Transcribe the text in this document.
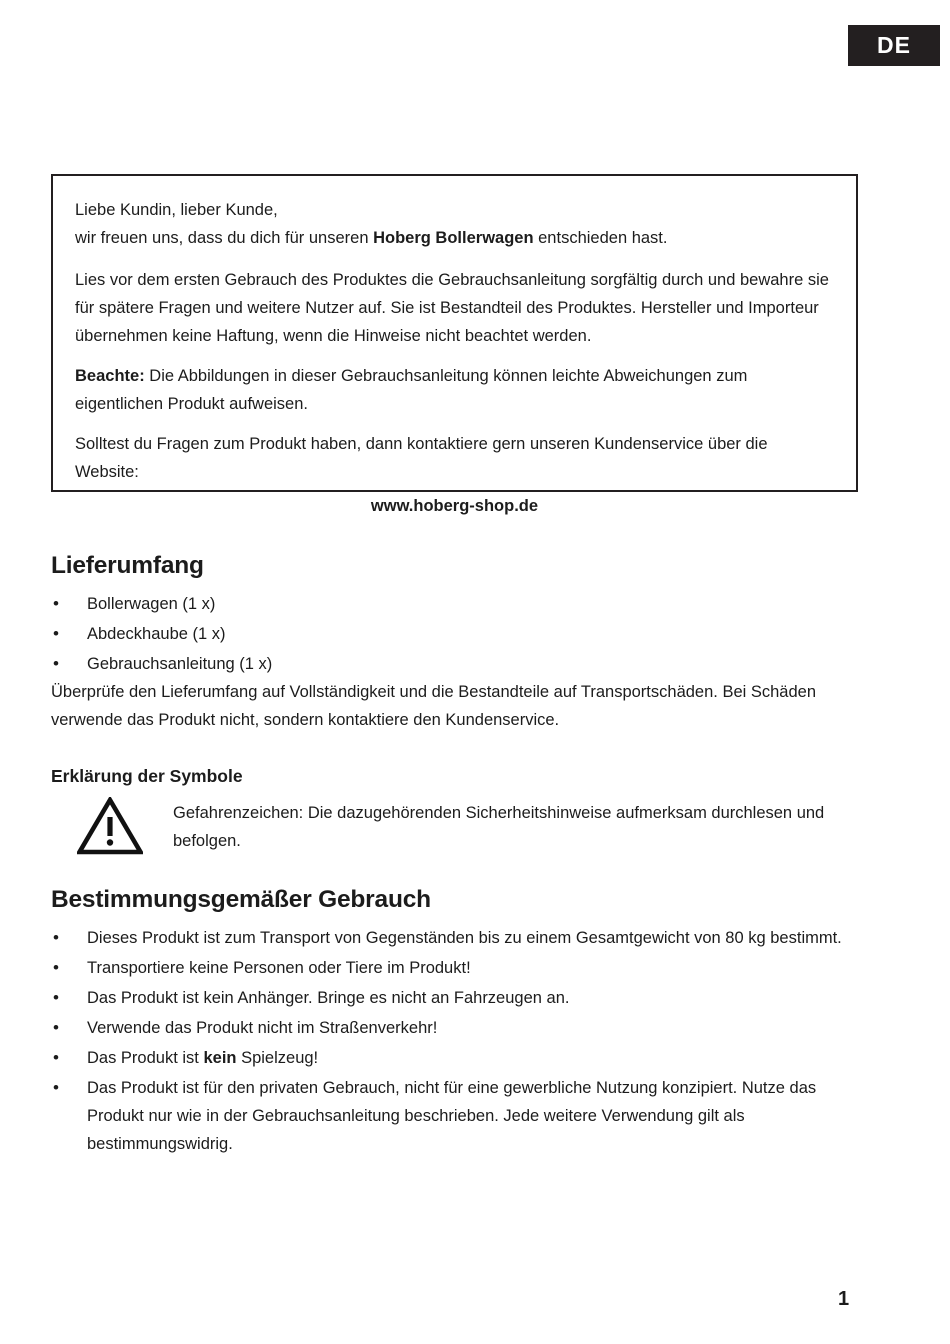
DE

Liebe Kundin, lieber Kunde,

wir freuen uns, dass du dich für unseren Hoberg Bollerwagen entschieden hast.

Lies vor dem ersten Gebrauch des Produktes die Gebrauchsanleitung sorgfältig durch und bewahre sie für spätere Fragen und weitere Nutzer auf. Sie ist Bestandteil des Produktes. Hersteller und Importeur übernehmen keine Haftung, wenn die Hinweise nicht beachtet werden.

Beachte: Die Abbildungen in dieser Gebrauchsanleitung können leichte Abweichungen zum eigentlichen Produkt aufweisen.

Solltest du Fragen zum Produkt haben, dann kontaktiere gern unseren Kundenservice über die Website:

www.hoberg-shop.de

Lieferumfang
• Bollerwagen (1 x)
• Abdeckhaube (1 x)
• Gebrauchsanleitung (1 x)

Überprüfe den Lieferumfang auf Vollständigkeit und die Bestandteile auf Transportschäden. Bei Schäden verwende das Produkt nicht, sondern kontaktiere den Kundenservice.

Erklärung der Symbole

Gefahrenzeichen: Die dazugehörenden Sicherheitshinweise aufmerksam durchlesen und befolgen.

Bestimmungsgemäßer Gebrauch
• Dieses Produkt ist zum Transport von Gegenständen bis zu einem Gesamtgewicht von 80 kg bestimmt.
• Transportiere keine Personen oder Tiere im Produkt!
• Das Produkt ist kein Anhänger. Bringe es nicht an Fahrzeugen an.
• Verwende das Produkt nicht im Straßenverkehr!
• Das Produkt ist kein Spielzeug!
• Das Produkt ist für den privaten Gebrauch, nicht für eine gewerbliche Nutzung konzipiert. Nutze das Produkt nur wie in der Gebrauchsanleitung beschrieben. Jede weitere Verwendung gilt als bestimmungswidrig.
1
